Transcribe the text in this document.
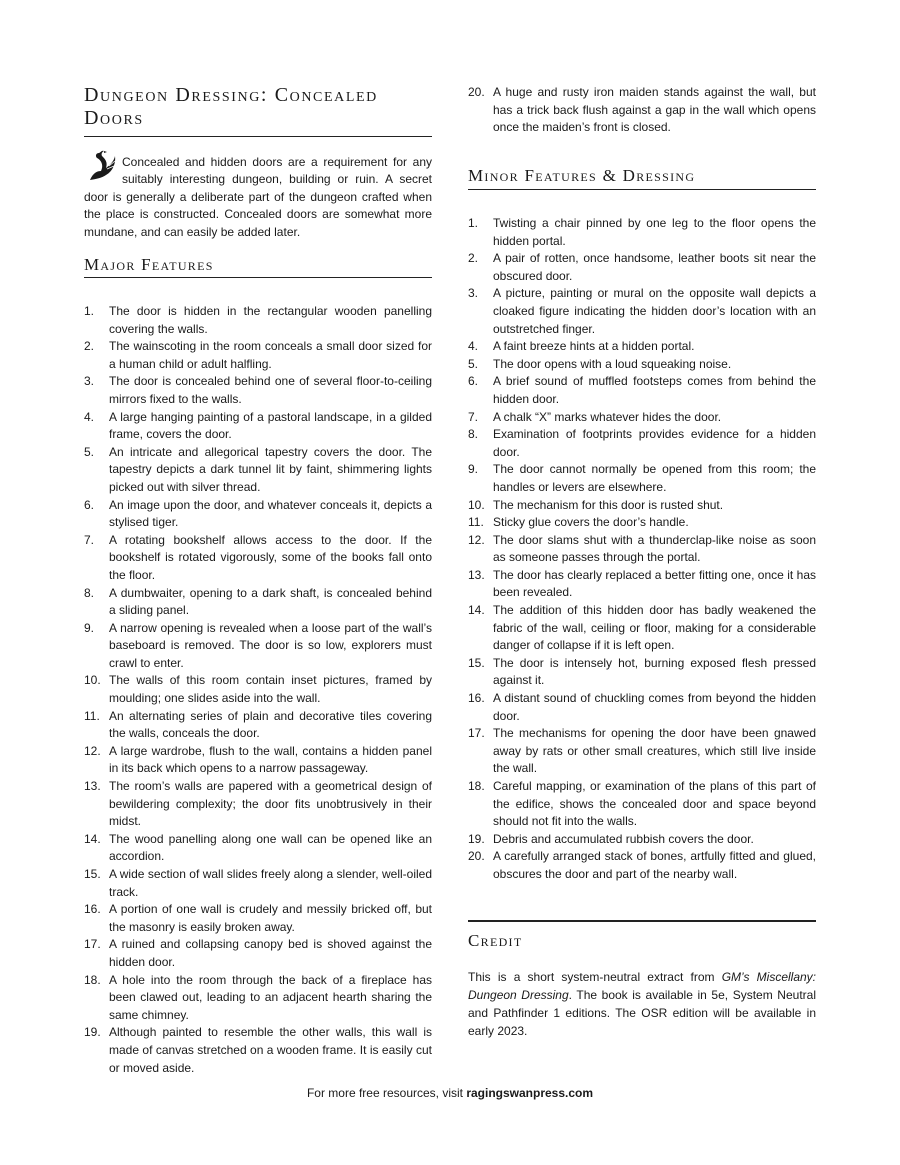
Dungeon Dressing: Concealed Doors
Concealed and hidden doors are a requirement for any suitably interesting dungeon, building or ruin. A secret door is generally a deliberate part of the dungeon crafted when the place is constructed. Concealed doors are somewhat more mundane, and can easily be added later.
Major Features
1. The door is hidden in the rectangular wooden panelling covering the walls.
2. The wainscoting in the room conceals a small door sized for a human child or adult halfling.
3. The door is concealed behind one of several floor-to-ceiling mirrors fixed to the walls.
4. A large hanging painting of a pastoral landscape, in a gilded frame, covers the door.
5. An intricate and allegorical tapestry covers the door. The tapestry depicts a dark tunnel lit by faint, shimmering lights picked out with silver thread.
6. An image upon the door, and whatever conceals it, depicts a stylised tiger.
7. A rotating bookshelf allows access to the door. If the bookshelf is rotated vigorously, some of the books fall onto the floor.
8. A dumbwaiter, opening to a dark shaft, is concealed behind a sliding panel.
9. A narrow opening is revealed when a loose part of the wall’s baseboard is removed. The door is so low, explorers must crawl to enter.
10. The walls of this room contain inset pictures, framed by moulding; one slides aside into the wall.
11. An alternating series of plain and decorative tiles covering the walls, conceals the door.
12. A large wardrobe, flush to the wall, contains a hidden panel in its back which opens to a narrow passageway.
13. The room’s walls are papered with a geometrical design of bewildering complexity; the door fits unobtrusively in their midst.
14. The wood panelling along one wall can be opened like an accordion.
15. A wide section of wall slides freely along a slender, well-oiled track.
16. A portion of one wall is crudely and messily bricked off, but the masonry is easily broken away.
17. A ruined and collapsing canopy bed is shoved against the hidden door.
18. A hole into the room through the back of a fireplace has been clawed out, leading to an adjacent hearth sharing the same chimney.
19. Although painted to resemble the other walls, this wall is made of canvas stretched on a wooden frame. It is easily cut or moved aside.
20. A huge and rusty iron maiden stands against the wall, but has a trick back flush against a gap in the wall which opens once the maiden’s front is closed.
Minor Features & Dressing
1. Twisting a chair pinned by one leg to the floor opens the hidden portal.
2. A pair of rotten, once handsome, leather boots sit near the obscured door.
3. A picture, painting or mural on the opposite wall depicts a cloaked figure indicating the hidden door’s location with an outstretched finger.
4. A faint breeze hints at a hidden portal.
5. The door opens with a loud squeaking noise.
6. A brief sound of muffled footsteps comes from behind the hidden door.
7. A chalk “X” marks whatever hides the door.
8. Examination of footprints provides evidence for a hidden door.
9. The door cannot normally be opened from this room; the handles or levers are elsewhere.
10. The mechanism for this door is rusted shut.
11. Sticky glue covers the door’s handle.
12. The door slams shut with a thunderclap-like noise as soon as someone passes through the portal.
13. The door has clearly replaced a better fitting one, once it has been revealed.
14. The addition of this hidden door has badly weakened the fabric of the wall, ceiling or floor, making for a considerable danger of collapse if it is left open.
15. The door is intensely hot, burning exposed flesh pressed against it.
16. A distant sound of chuckling comes from beyond the hidden door.
17. The mechanisms for opening the door have been gnawed away by rats or other small creatures, which still live inside the wall.
18. Careful mapping, or examination of the plans of this part of the edifice, shows the concealed door and space beyond should not fit into the walls.
19. Debris and accumulated rubbish covers the door.
20. A carefully arranged stack of bones, artfully fitted and glued, obscures the door and part of the nearby wall.
Credit

This is a short system-neutral extract from GM’s Miscellany: Dungeon Dressing. The book is available in 5e, System Neutral and Pathfinder 1 editions. The OSR edition will be available in early 2023.

For more free resources, visit ragingswanpress.com
